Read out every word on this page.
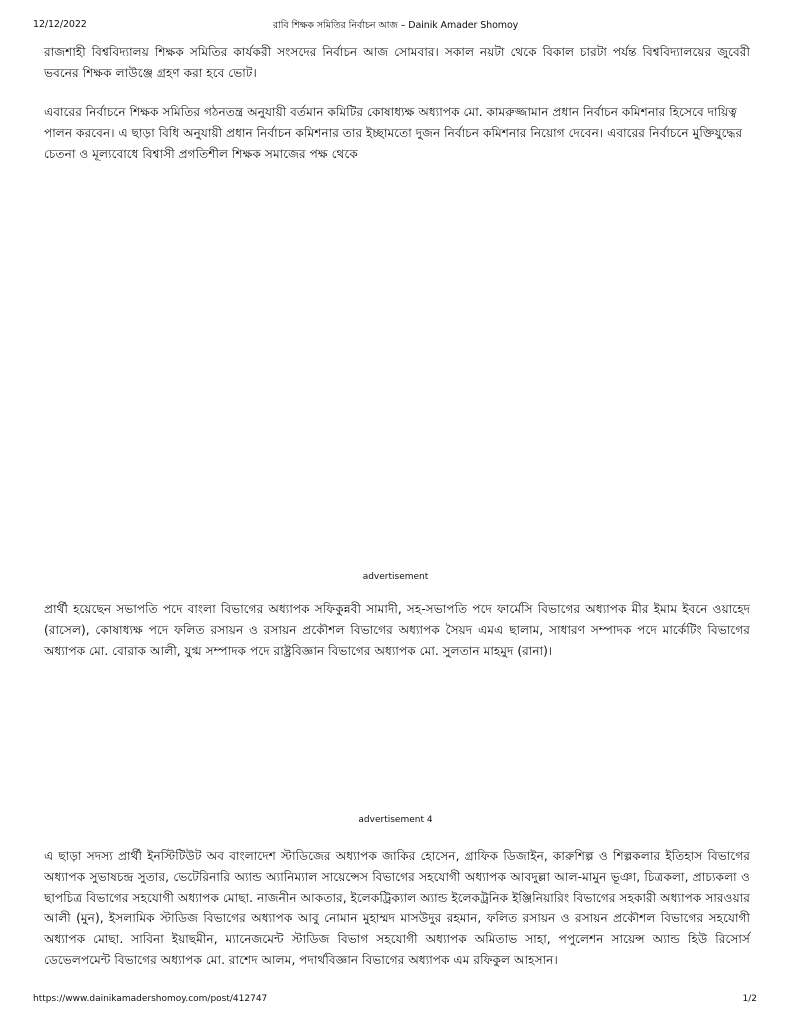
12/12/2022	রাবি শিক্ষক সমিতির নির্বাচন আজ – Dainik Amader Shomoy

রাজশাহী বিশ্ববিদ্যালয় শিক্ষক সমিতির কার্যকরী সংসদের নির্বাচন আজ সোমবার। সকাল নয়টা থেকে বিকাল চারটা পর্যন্ত বিশ্ববিদ্যালয়ের জুবেরী ভবনের শিক্ষক লাউঞ্জে গ্রহণ করা হবে ভোট।

এবারের নির্বাচনে শিক্ষক সমিতির গঠনতন্ত্র অনুযায়ী বর্তমান কমিটির কোষাধ্যক্ষ অধ্যাপক মো. কামরুজ্জামান প্রধান নির্বাচন কমিশনার হিসেবে দায়িত্ব পালন করবেন। এ ছাড়া বিধি অনুযায়ী প্রধান নির্বাচন কমিশনার তার ইচ্ছামতো দুজন নির্বাচন কমিশনার নিয়োগ দেবেন। এবারের নির্বাচনে মুক্তিযুদ্ধের চেতনা ও মূল্যবোধে বিশ্বাসী প্রগতিশীল শিক্ষক সমাজের পক্ষ থেকে

advertisement

প্রার্থী হয়েছেন সভাপতি পদে বাংলা বিভাগের অধ্যাপক সফিকুন্নবী সামাদী, সহ-সভাপতি পদে ফার্মেসি বিভাগের অধ্যাপক মীর ইমাম ইবনে ওয়াহেদ (রাসেল), কোষাধ্যক্ষ পদে ফলিত রসায়ন ও রসায়ন প্রকৌশল বিভাগের অধ্যাপক সৈয়দ এমএ ছালাম, সাধারণ সম্পাদক পদে মার্কেটিং বিভাগের অধ্যাপক মো. বোরাক আলী, যুগ্ম সম্পাদক পদে রাষ্ট্রবিজ্ঞান বিভাগের অধ্যাপক মো. সুলতান মাহমুদ (রানা)।

advertisement 4

এ ছাড়া সদস্য প্রার্থী ইনস্টিটিউট অব বাংলাদেশ স্টাডিজের অধ্যাপক জাকির হোসেন, গ্রাফিক ডিজাইন, কারুশিল্প ও শিল্পকলার ইতিহাস বিভাগের অধ্যাপক সুভাষচন্দ্র সুতার, ভেটেরিনারি অ্যান্ড অ্যানিম্যাল সায়েন্সেস বিভাগের সহযোগী অধ্যাপক আবদুল্লা আল-মামুন ভূঞা, চিত্রকলা, প্রাচ্যকলা ও ছাপচিত্র বিভাগের সহযোগী অধ্যাপক মোছা. নাজনীন আকতার, ইলেকট্রিক্যাল অ্যান্ড ইলেকট্রনিক ইঞ্জিনিয়ারিং বিভাগের সহকারী অধ্যাপক সারওয়ার আলী (মুন), ইসলামিক স্টাডিজ বিভাগের অধ্যাপক আবু নোমান মুহাম্মদ মাসউদুর রহমান, ফলিত রসায়ন ও রসায়ন প্রকৌশল বিভাগের সহযোগী অধ্যাপক মোছা. সাবিনা ইয়াছমীন, ম্যানেজমেন্ট স্টাডিজ বিভাগ সহযোগী অধ্যাপক অমিতাভ সাহা, পপুলেশন সায়েন্স অ্যান্ড হিউ রিসোর্স ডেভেলপমেন্ট বিভাগের অধ্যাপক মো. রাশেদ আলম, পদার্থবিজ্ঞান বিভাগের অধ্যাপক এম রফিকুল আহসান।

https://www.dainikamadershomoy.com/post/412747	1/2
